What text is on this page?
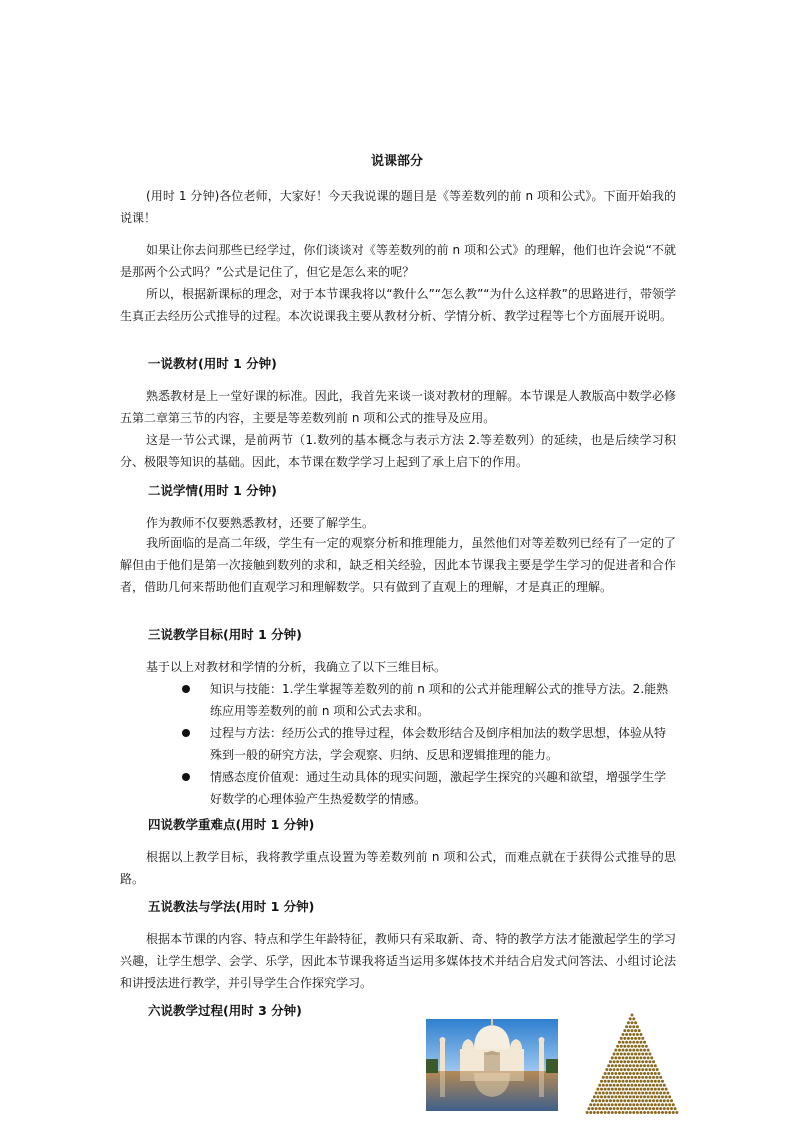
说课部分

(用时 1 分钟)各位老师，大家好！今天我说课的题目是《等差数列的前 n 项和公式》。下面开始我的说课！

如果让你去问那些已经学过，你们谈谈对《等差数列的前 n 项和公式》的理解，他们也许会说“不就是那两个公式吗？”公式是记住了，但它是怎么来的呢？

所以，根据新课标的理念，对于本节课我将以“教什么”“怎么教”“为什么这样教”的思路进行，带领学生真正去经历公式推导的过程。本次说课我主要从教材分析、学情分析、教学过程等七个方面展开说明。

一说教材(用时 1 分钟)

熟悉教材是上一堂好课的标准。因此，我首先来谈一谈对教材的理解。本节课是人教版高中数学必修五第二章第三节的内容，主要是等差数列前 n 项和公式的推导及应用。

这是一节公式课，是前两节（1.数列的基本概念与表示方法 2.等差数列）的延续，也是后续学习积分、极限等知识的基础。因此，本节课在数学学习上起到了承上启下的作用。

二说学情(用时 1 分钟)

作为教师不仅要熟悉教材，还要了解学生。

我所面临的是高二年级，学生有一定的观察分析和推理能力，虽然他们对等差数列已经有了一定的了解但由于他们是第一次接触到数列的求和，缺乏相关经验，因此本节课我主要是学生学习的促进者和合作者，借助几何来帮助他们直观学习和理解数学。只有做到了直观上的理解，才是真正的理解。

三说教学目标(用时 1 分钟)

基于以上对教材和学情的分析，我确立了以下三维目标。

知识与技能：1.学生掌握等差数列的前 n 项和的公式并能理解公式的推导方法。2.能熟练应用等差数列的前 n 项和公式去求和。
过程与方法：经历公式的推导过程，体会数形结合及倒序相加法的数学思想，体验从特殊到一般的研究方法，学会观察、归纳、反思和逻辑推理的能力。
情感态度价值观：通过生动具体的现实问题，激起学生探究的兴趣和欲望，增强学生学好数学的心理体验产生热爱数学的情感。
四说教学重难点(用时 1 分钟)

根据以上教学目标，我将教学重点设置为等差数列前 n 项和公式，而难点就在于获得公式推导的思路。

五说教法与学法(用时 1 分钟)

根据本节课的内容、特点和学生年龄特征，教师只有采取新、奇、特的教学方法才能激起学生的学习兴趣，让学生想学、会学、乐学，因此本节课我将适当运用多媒体技术并结合启发式问答法、小组讨论法和讲授法进行教学，并引导学生合作探究学习。

六说教学过程(用时 3 分钟)
